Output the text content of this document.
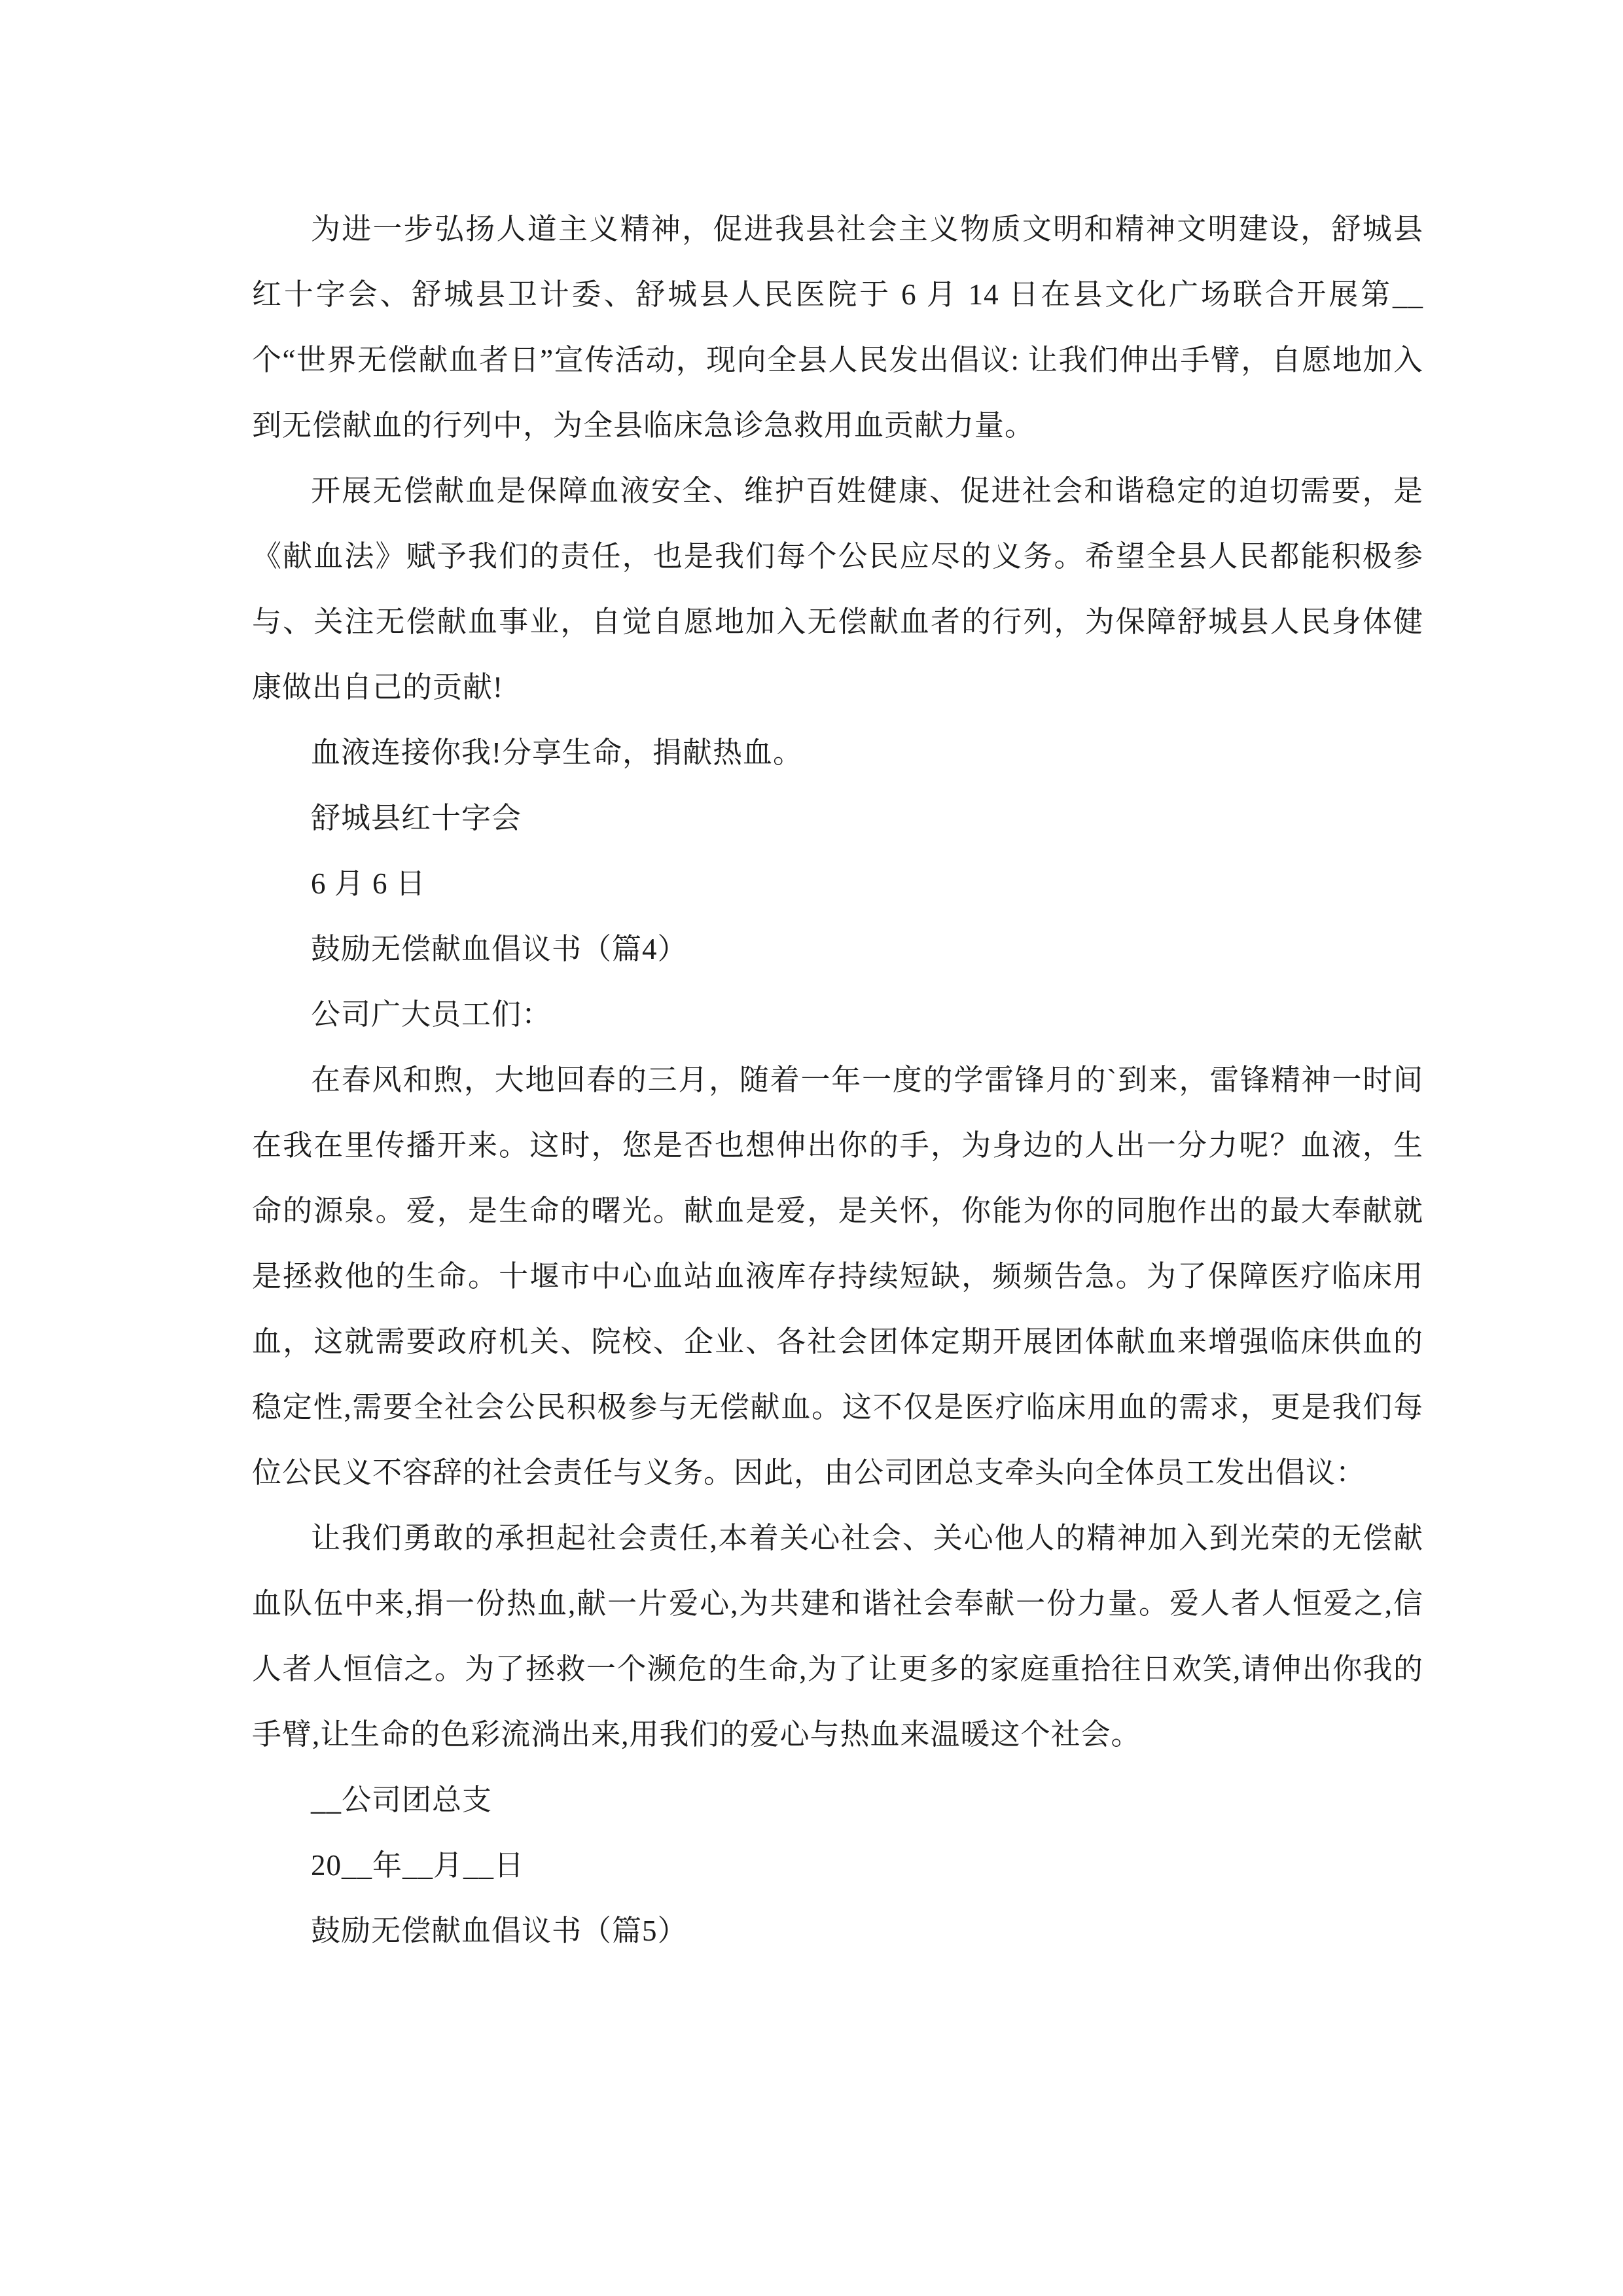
为进一步弘扬人道主义精神，促进我县社会主义物质文明和精神文明建设，舒城县红十字会、舒城县卫计委、舒城县人民医院于 6 月 14 日在县文化广场联合开展第__个“世界无偿献血者日”宣传活动，现向全县人民发出倡议: 让我们伸出手臂，自愿地加入到无偿献血的行列中，为全县临床急诊急救用血贡献力量。

开展无偿献血是保障血液安全、维护百姓健康、促进社会和谐稳定的迫切需要，是《献血法》赋予我们的责任，也是我们每个公民应尽的义务。希望全县人民都能积极参与、关注无偿献血事业，自觉自愿地加入无偿献血者的行列，为保障舒城县人民身体健康做出自己的贡献!

血液连接你我!分享生命，捐献热血。

舒城县红十字会

6 月 6 日

鼓励无偿献血倡议书（篇4）

公司广大员工们：

在春风和煦，大地回春的三月，随着一年一度的学雷锋月的`到来，雷锋精神一时间在我在里传播开来。这时，您是否也想伸出你的手，为身边的人出一分力呢？血液，生命的源泉。爱，是生命的曙光。献血是爱，是关怀，你能为你的同胞作出的最大奉献就是拯救他的生命。十堰市中心血站血液库存持续短缺，频频告急。为了保障医疗临床用血，这就需要政府机关、院校、企业、各社会团体定期开展团体献血来增强临床供血的稳定性,需要全社会公民积极参与无偿献血。这不仅是医疗临床用血的需求，更是我们每位公民义不容辞的社会责任与义务。因此，由公司团总支牵头向全体员工发出倡议：

让我们勇敢的承担起社会责任,本着关心社会、关心他人的精神加入到光荣的无偿献血队伍中来,捐一份热血,献一片爱心,为共建和谐社会奉献一份力量。爱人者人恒爱之,信人者人恒信之。为了拯救一个濒危的生命,为了让更多的家庭重拾往日欢笑,请伸出你我的手臂,让生命的色彩流淌出来,用我们的爱心与热血来温暖这个社会。

__公司团总支

20__年__月__日

鼓励无偿献血倡议书（篇5）
